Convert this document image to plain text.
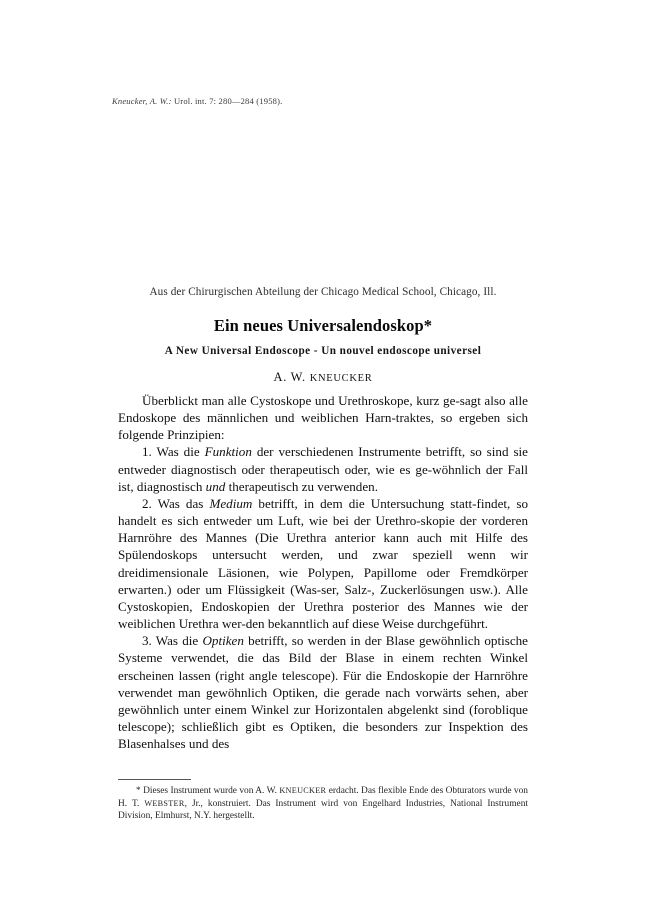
Kneucker, A. W.: Urol. int. 7: 280—284 (1958).
Aus der Chirurgischen Abteilung der Chicago Medical School, Chicago, Ill.
Ein neues Universalendoskop*
A New Universal Endoscope - Un nouvel endoscope universel
A. W. KNEUCKER

Überblickt man alle Cystoskope und Urethroskope, kurz ge-sagt also alle Endoskope des männlichen und weiblichen Harn-traktes, so ergeben sich folgende Prinzipien:

1. Was die Funktion der verschiedenen Instrumente betrifft, so sind sie entweder diagnostisch oder therapeutisch oder, wie es ge-wöhnlich der Fall ist, diagnostisch und therapeutisch zu verwenden.

2. Was das Medium betrifft, in dem die Untersuchung statt-findet, so handelt es sich entweder um Luft, wie bei der Urethro-skopie der vorderen Harnröhre des Mannes (Die Urethra anterior kann auch mit Hilfe des Spülendoskops untersucht werden, und zwar speziell wenn wir dreidimensionale Läsionen, wie Polypen, Papillome oder Fremdkörper erwarten.) oder um Flüssigkeit (Was-ser, Salz-, Zuckerlösungen usw.). Alle Cystoskopien, Endoskopien der Urethra posterior des Mannes wie der weiblichen Urethra wer-den bekanntlich auf diese Weise durchgeführt.

3. Was die Optiken betrifft, so werden in der Blase gewöhnlich optische Systeme verwendet, die das Bild der Blase in einem rechten Winkel erscheinen lassen (right angle telescope). Für die Endoskopie der Harnröhre verwendet man gewöhnlich Optiken, die gerade nach vorwärts sehen, aber gewöhnlich unter einem Winkel zur Horizontalen abgelenkt sind (foroblique telescope); schließlich gibt es Optiken, die besonders zur Inspektion des Blasenhalses und des

* Dieses Instrument wurde von A. W. KNEUCKER erdacht. Das flexible Ende des Obturators wurde von H. T. WEBSTER, Jr., konstruiert. Das Instrument wird von Engelhard Industries, National Instrument Division, Elmhurst, N.Y. hergestellt.
